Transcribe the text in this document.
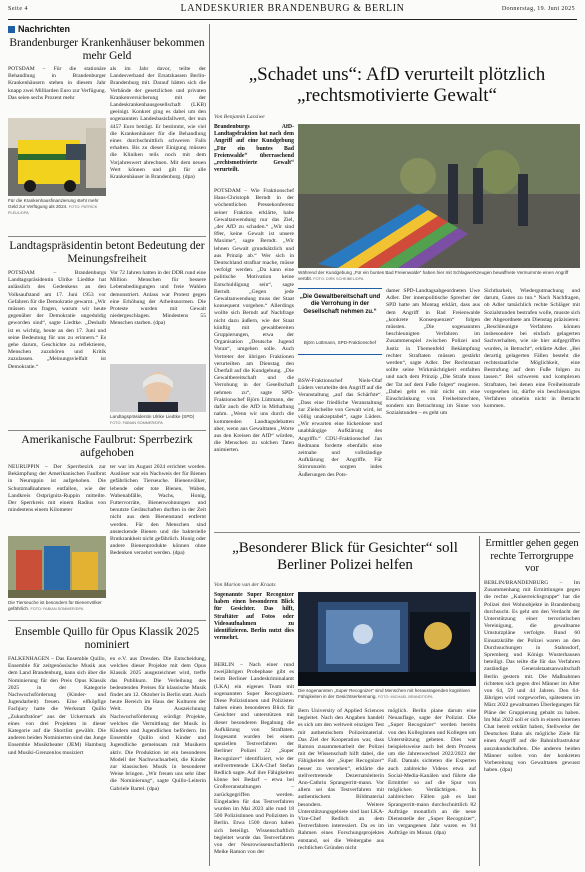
Seite 4	LANDESKURIER BRANDENBURG & BERLIN	Donnerstag, 19. Juni 2025
Nachrichten
Brandenburger Krankenhäuser bekommen mehr Geld

POTSDAM – Für die stationäre Behandlung in Brandenburger Krankenhäusern stehen in diesem Jahr knapp zwei Milliarden Euro zur Verfügung. Das seien sechs Prozent mehr

Für die Krankenhausfinanzierung steht mehr Geld zur Verfügung als 2024. FOTO: PATRICK PLEUL/DPA

als im Jahr davor, teilte der Landesverband der Ersatzkassen Berlin-Brandenburg mit. Darauf hätten sich die Verbände der gesetzlichen und privaten Krankenversicherung mit der Landeskrankenhausgesellschaft (LKB) geeinigt. Konkret ging es dabei um den sogenannten Landesbasisfallwert, der nun 4457 Euro beträgt. Er bestimmt, wie viel die Krankenhäuser für die Behandlung eines durchschnittlich schweren Falls erhalten. Bis zu dieser Einigung müssen die Kliniken teils noch mit dem Vorjahreswert abrechnen. Mit dem neuen Wert können und gilt für alle Krankenhäuser in Brandenburg. (dpa)

Landtagspräsidentin betont Bedeutung der Meinungsfreiheit

POTSDAM – Brandenburgs Landtagspräsidentin Ulrike Liedtke hat anlässlich des Gedenkens an den Volksaufstand am 17. Juni 1953 vor Gefahren für die Demokratie gewarnt. „Wir müssen uns fragen, warum wir heute gegenüber der Demokratie ungeduldig geworden sind“, sagte Liedtke. „Deshalb ist es wichtig, heute an den 17. Juni und seine Bedeutung für uns zu erinnern.“ Es gehe darum, Geschichte zu reflektieren, Menschen zuzuhören und Kritik zuzulassen. „Meinungsvielfalt ist Demokratie.“

Vor 72 Jahren hatten in der DDR rund eine Million Menschen für bessere Lebensbedingungen und freie Wahlen demonstriert. Anlass war Protest gegen eine Erhöhung der Arbeitsnormen. Die Proteste wurden mit Gewalt niedergeschlagen. Mindestens 55 Menschen starben. (dpa)

Landtagspräsidentin Ulrike Liedtke (SPD) FOTO: FABIAN SOMMER/DPA
Amerikanische Faulbrut: Sperrbezirk aufgehoben

NEURUPPIN – Der Sperrbezirk zur Bekämpfung der Amerikanischen Faulbrut in Neuruppin ist aufgehoben. Die Schutzmaßnahmen entfallen, wie der Landkreis Ostprignitz-Ruppin mitteilte. Der Sperrkreis mit einem Radius von mindestens einem Kilometer

Die Tierseuche ist besonders für Bienenvölker gefährlich. FOTO: FABIAN SOMMER/DPA

ter war im August 2024 errichtet worden. Auslöser war ein Nachweis der für Bienen gefährlichen Tierseuche. Bienenvölker, lebende oder tote Bienen, Waben, Wabenabfälle, Wachs, Honig, Futtervorräte, Bienenwohnungen und benutzte Gerätschaften durften in der Zeit nicht aus dem Bienenstand entfernt werden. Für den Menschen sind ansteckende Bienen und die bakterielle Brutkrankheit nicht gefährlich. Honig oder andere Bienenprodukte können ohne Bedenken verzehrt werden. (dpa)

Ensemble Quillo für Opus Klassik 2025 nominiert

FALKENHAGEN – Das Ensemble Quillo, Ensemble für zeitgenössische Musik aus dem Land Brandenburg, kann sich über die Nominierung für den Preis Opus Klassik 2025 in der Kategorie Nachwuchsförderung (Kinder- und Jugendarbeit) freuen. Eine elfköpfige Fachjury hatte die Werkstatt Quillo „Zukunftstöne“ aus der Uckermark als eines von drei Projekten in dieser Kategorie auf die Shortlist gewählt. Die anderen beiden Nominierten sind das Junge Ensemble Musiktheater (JEM) Hamburg und Musiki-Grenzenlos musiziert

en e.V. aus Dresden. Die Entscheidung, welches dieser Projekte mit dem Opus Klassik 2025 ausgezeichnet wird, treffe das Publikum. Die Verleihung des bedeutenden Preises für klassische Musik findet am 12. Oktober in Berlin statt. Auch heute Bereich im Haus der Kulturen der Welt. Die Auszeichnung Nachwuchsförderung würdigt Projekte, welches die Vermittlung der Musik in Kindern und Jugendlichen befördern. Im Ensemble Quillo sind Kinder und Jugendliche gemeinsam mit Musikern aktiv. Die Produktion ist ein besonderes Modell der Nachwuchsarbeit, die Kinder zur klassischen Musik in besonderer Weise bringen. „Wir freuen uns sehr über die Nominierung“, sagte Quillo-Leiterin Gabriele Bartel. (dpa)

„Schadet uns“: AfD verurteilt plötzlich „rechtsmotivierte Gewalt“
Von Benjamin Lassiwe

Brandenburgs AfD-Landtagsfraktion hat nach dem Angriff auf eine Kundgebung „Für ein buntes Bad Freienwalde“ überraschend „rechtsmotivierte Gewalt“ verurteilt.

POTSDAM – Wie Fraktionschef Hans-Christoph Berndt in der wöchentlichen Pressekonferenz seiner Fraktion erklärte, habe Gewaltanwendung nur das Ziel, „der AfD zu schaden.“ „Wir sind 89er, keine Gewalt ist unsere Maxime“, sagte Berndt. „Wir lehnen Gewalt grundsätzlich und aus Prinzip ab.“ Wer sich in Deutschland strafbar mache, müsse verfolgt werden. „Da kann eine politische Motivation keine Entschuldigung sein“, sagte Berndt. „Gegen jede Gewaltanwendung muss der Staat konsequent vorgehen.“ Allerdings wollte sich Berndt auf Nachfrage nicht dazu äußern, wie der Staat künftig mit gewaltbereiten Gruppierungen, etwa der Organisation „Deutsche Jugend Voran“, umgehen solle. Auch Vertreter der übrigen Fraktionen verurteilten am Dienstag den Überfall auf die Kundgebung. „Die Gewaltbereitschaft und die Verrohung in der Gesellschaft nehmen zu“, sagte SPD-Fraktionschef Björn Lüttmann, der dafür auch die AfD in Mithaftung nahm. „Wenn wir uns durch die kommenden Landtagsdebatten aber, wenn aus Gewalttaten „Worte aus den Kreisen der AfD“ würden, die Menschen zu solchen Taten animierten.

Während der Kundgebung „Für ein buntes Bad Freienwalde“ haben hier mit Schlagwerkzeugen bewaffnete Vermummte einen Angriff verübt. FOTO: DIRK SCHEIBEL/DPA
„Die Gewaltbereitschaft und die Verrohung in der Gesellschaft nehmen zu.“
Björn Lüttmann, SPD-Fraktionschef

BSW-Fraktionschef Niels-Olaf Lüders verurteilte den Angriff auf die Veranstaltung „auf das Schärfste“. „Dass eine friedliche Veranstaltung zur Zielscheibe von Gewalt wird, ist völlig unakzeptabel“, sagte Lüders. „Wir erwarten eine lückenlose und unabhängige Aufklärung des Angriffs.“ CDU-Fraktionschef Jan Redmann forderte ebenfalls eine zeitnahe und vollständige Aufklärung der Angriffe. Für Stirnrunzeln sorgten indes Äußerungen des Pots-

damer SPD-Landtagsabgeordneten Uwe Adler. Der innenpolitische Sprecher der SPD hatte am Montag erklärt, dass aus dem Angriff in Bad Freienwalde „konkrete Konsequenzen“ folgen müssten. „Die sogenannten beschleunigten Verfahren im Zusammenspiel zwischen Polizei und Justiz in Themenfeld Bekämpfung rechter Straftaten müssen gestärkt werden“, sagte Adler. Der Rechtsstaat sollte seine Wirkmächtigkeit entfalten und nach dem Prinzip „Die Strafe muss der Tat auf dem Fuße folgen“ reagieren. „Dabei geht es mir nicht um eine Einschränkung von Freiheitsrechten, sondern um Betrachtung im Sinne von Sozialstunden – es geht um

Sichtbarkeit, Wiedergutmachung und darum, Gutes zu tun.“ Nach Nachfragen, ob Adler tatsächlich rechte Schläger mit Sozialstunden bestrafen wolle, musste sich der Abgeordnete am Dienstag präzisieren: „Beschleunigte Verfahren können insbesondere bei einfach gelagerten Sachverhalten, wie sie hier aufgegriffen wurden, in Betracht“, erklärte Adler. „Bei derartig gelagerten Fällen besteht die rechtsstaatliche Möglichkeit, eine Bestrafung auf dem Fuße folgen zu lassen.“ Bei schweren und komplexen Straftaten, bei denen eine Freiheitsstrafe vorgesehen ist, dürfte ein beschleunigtes Verfahren ohnehin nicht in Betracht kommen.

„Besonderer Blick für Gesichter“ soll Berliner Polizei helfen
Von Marion van der Kraats

Sogenannte Super Recognizer haben einen besonderen Blick für Gesichter. Das hilft, Straftäter auf Fotos oder Videoaufnahmen zu identifizieren. Berlin nutzt dies vermehrt.

BERLIN – Nach einer rund zweijährigen Probephase gibt es beim Berliner Landeskriminalamt (LKA) ein eigenes Team mit sogenannten Super Recognizern. Diese Polizistinnen und Polizisten haben einen besonderen Blick für Gesichter und unterstützen mit dieser besonderen Begabung die Aufklärung von Straftaten. Insgesamt wurden bei einem speziellen Testverfahren der Berliner Polizei 22 „Super Recognizer“ identifiziert, wie der stellvertretende LKA-Chef Stefan Redlich sagte. Auf ihre Fähigkeiten könne bei Bedarf – etwa bei Großveranstaltungen – zurückgegriffen werden. Eingeladen für das Testverfahren wurden im Mai 2023 alle rund 18 500 Polizistinnen und Polizisten in Berlin. Etwa 1500 davon haben sich beteiligt. Wissenschaftlich begleitet wurde das Testverfahren von der Neurowissenschaftlerin Meike Ramon von der

Die sogenannten „Super Recognizer“ sind Menschen mit herausragenden kognitiven Fähigkeiten in der Gesichtserkennung. FOTO: MICHAEL BRANDT/DPA

Bern University of Applied Sciences begleitet. Nach den Angaben handelt es sich um den weltweit einzigen Test mit authentischem Polizeimaterial. Das Ziel der Kooperation war, dass Ramon zusammenarbeit der Polizei mit der Wissenschaft hilft dabei, die Fähigkeiten der „Super Recognizer“ besser zu verstehen“, erklärte die stellvertretende Dezernatsleiterin Ann-Cathrin Sprangerritt-mann. Vor allem sei das Testverfahren mit authentischem Bildmaterial besonders. Weitere Unterstützungsgebiete sind laut LKA-Vize-Chef Redlich an dem Testverfahren interessiert. Da es im Rahmen eines Forschungsprojektes entstand, sei die Weitergabe aus rechtlichen Gründen nicht

möglich. Berlin plane darum eine Neuauflage, sagte der Polizist. Die „Super Recognizer“ werden bereits von den Kolleginnen und Kollegen um Unterstützung gebeten. Dies war beispielsweise auch bei dem Prozess um die Jahreswechsel 2022/2023 der Fall. Damals sichteten die Experten auch zahlreiche Videos etwa auf Social-Media-Kanälen und führte die Ermittler so auf die Spur von möglichen Verdächtigen. In zahlreichen Fällen gab es laut Sprangerritt-mann durchschnittlich 82 Aufträge monatlich an die neue Dienststelle der „Super Recognizer“, im vergangenen Jahr waren es 94 Aufträge im Monat. (dpa)

Ermittler gehen gegen rechte Terrorgruppe vor

BERLIN/BRANDENBURG – Im Zusammenhang mit Ermittlungen gegen die rechte „Kaiserreichsgruppe“ hat die Polizei drei Wohnobjekte in Brandenburg durchsucht. Es geht um den Verdacht der Unterstützung einer terroristischen Vereinigung, die gewaltsame Umsturzpläne verfolgte. Rund 60 Einsatzkräfte der Polizei waren an den Durchsuchungen in Stahnsdorf, Spremberg und Königs Wusterhausen beteiligt. Das teilte die für das Verfahren zuständige Generalstaatsanwaltschaft Berlin gestern mit. Die Maßnahmen richteten sich gegen drei Männer im Alter von 64, 59 und 44 Jahren. Den 64-Jährigen wird vorgeworfen, spätestens im März 2022 gewaltsamen Überlegungen für Pläne der Gruppierung gehabt zu haben. Im Mai 2022 soll er sich in einem internen Chat bereit erklärt haben, Stellwerke der Deutschen Bahn als mögliche Ziele für einen Angriff auf die Bahninfrastruktur auszukundschaften. Die anderen beiden Männer sollen von der konkreten Vorbereitung von Gewalttaten gewusst haben. (dpa)
